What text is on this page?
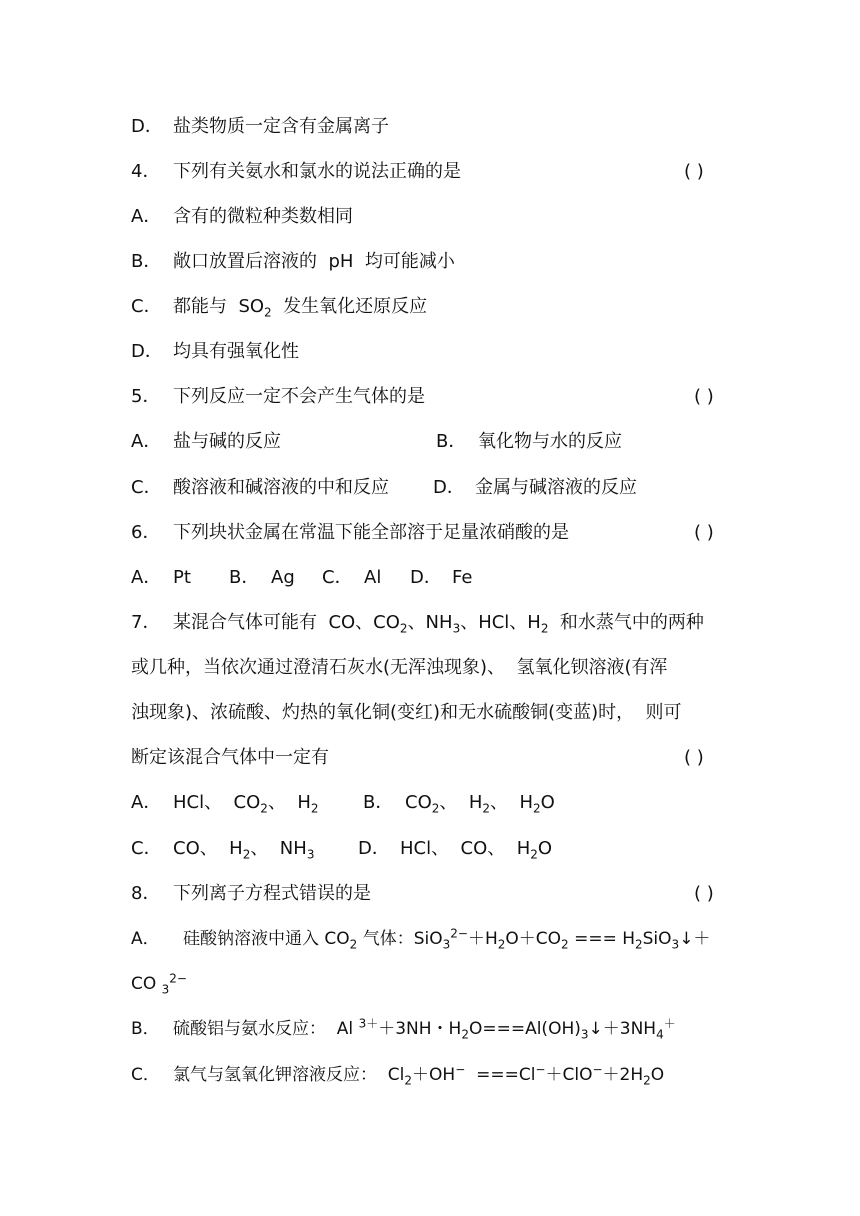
D． 盐类物质一定含有金属离子
4． 下列有关氨水和氯水的说法正确的是	( )
A． 含有的微粒种类数相同
B． 敞口放置后溶液的  pH  均可能减小
C． 都能与  $SO_2$  发生氧化还原反应
D． 均具有强氧化性
5． 下列反应一定不会产生气体的是	( )
A． 盐与碱的反应	B． 氧化物与水的反应
C． 酸溶液和碱溶液的中和反应 D． 金属与碱溶液的反应
6． 下列块状金属在常温下能全部溶于足量浓硝酸的是	( )
A． Pt B． Ag C． Al D． Fe
7． 某混合气体可能有  CO、$CO_2$、$NH_3$、HCl、$H_2$  和水蒸气中的两种
或几种，当依次通过澄清石灰水(无浑浊现象)、  氢氧化钡溶液(有浑
浊现象)、浓硫酸、灼热的氧化铜(变红)和无水硫酸铜(变蓝)时，  则可
断定该混合气体中一定有	( )
A． HCl、  $CO_2$、  $H_2$ B． $CO_2$、  $H_2$、  $H_2O$
C． CO、  $H_2$、  $NH_3$ D． HCl、  CO、  $H_2O$
8． 下列离子方程式错误的是	( )
A． 硅酸钠溶液中通入 $CO_2$ 气体：$SiO_3^{2-}+H_2O+CO_2$ === $H_2SiO_3↓+$
CO $_3^{2-}$
B． 硫酸铝与氨水反应：  Al $^{3+}$＋3NH・$H_2O===Al(OH)_3↓+3NH_4^+$
C． 氯气与氢氧化钾溶液反应：  $Cl_2+OH^- ===Cl^-+ClO^-+2H_2O$
